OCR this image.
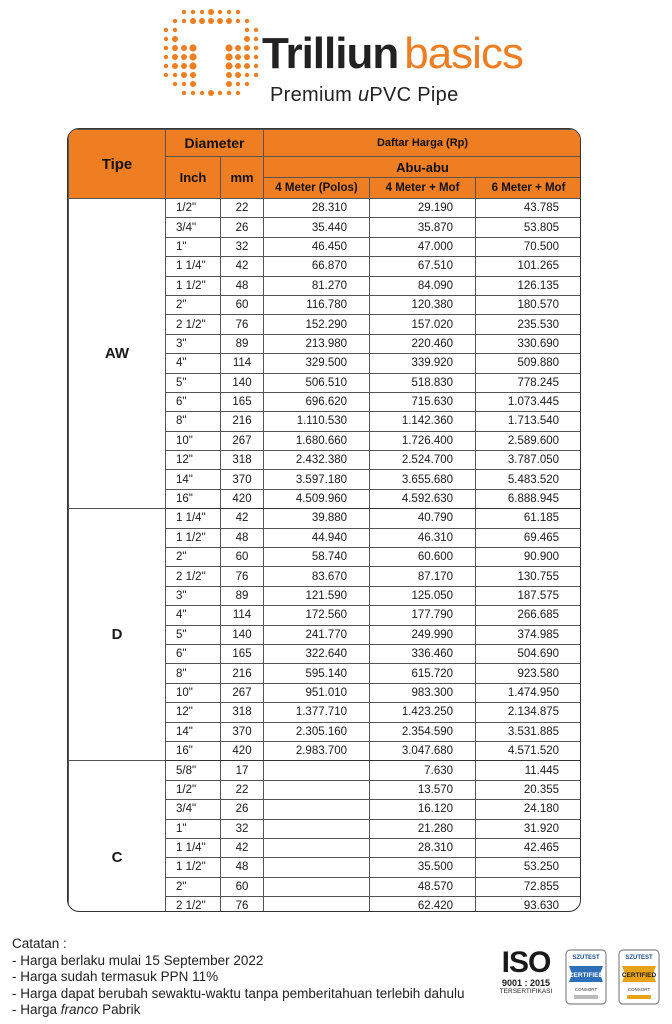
Trilliun basics
Premium uPVC Pipe
Tipe	Diameter		Daftar Harga (Rp)		
	Inch	mm	Abu-abu		
			4 Meter (Polos)	4 Meter + Mof	6 Meter + Mof
AW	1/2"	22	28.310	29.190	43.785
	3/4"	26	35.440	35.870	53.805
	1"	32	46.450	47.000	70.500
	1 1/4"	42	66.870	67.510	101.265
	1 1/2"	48	81.270	84.090	126.135
	2"	60	116.780	120.380	180.570
	2 1/2"	76	152.290	157.020	235.530
	3"	89	213.980	220.460	330.690
	4"	114	329.500	339.920	509.880
	5"	140	506.510	518.830	778.245
	6"	165	696.620	715.630	1.073.445
	8"	216	1.110.530	1.142.360	1.713.540
	10"	267	1.680.660	1.726.400	2.589.600
	12"	318	2.432.380	2.524.700	3.787.050
	14"	370	3.597.180	3.655.680	5.483.520
	16"	420	4.509.960	4.592.630	6.888.945
D	1 1/4"	42	39.880	40.790	61.185
	1 1/2"	48	44.940	46.310	69.465
	2"	60	58.740	60.600	90.900
	2 1/2"	76	83.670	87.170	130.755
	3"	89	121.590	125.050	187.575
	4"	114	172.560	177.790	266.685
	5"	140	241.770	249.990	374.985
	6"	165	322.640	336.460	504.690
	8"	216	595.140	615.720	923.580
	10"	267	951.010	983.300	1.474.950
	12"	318	1.377.710	1.423.250	2.134.875
	14"	370	2.305.160	2.354.590	3.531.885
	16"	420	2.983.700	3.047.680	4.571.520
C	5/8"	17		7.630	11.445
	1/2"	22		13.570	20.355
	3/4"	26		16.120	24.180
	1"	32		21.280	31.920
	1 1/4"	42		28.310	42.465
	1 1/2"	48		35.500	53.250
	2"	60		48.570	72.855
	2 1/2"	76		62.420	93.630

Catatan :
- Harga berlaku mulai 15 September 2022
- Harga sudah termasuk PPN 11%
- Harga dapat berubah sewaktu-waktu tanpa pemberitahuan terlebih dahulu
- Harga franco Pabrik
ISO
9001 : 2015
TERSERTIFIKASI
SZUTEST
CERTIFIED
CONSORT
SZUTEST
CERTIFIED
CONSORT
